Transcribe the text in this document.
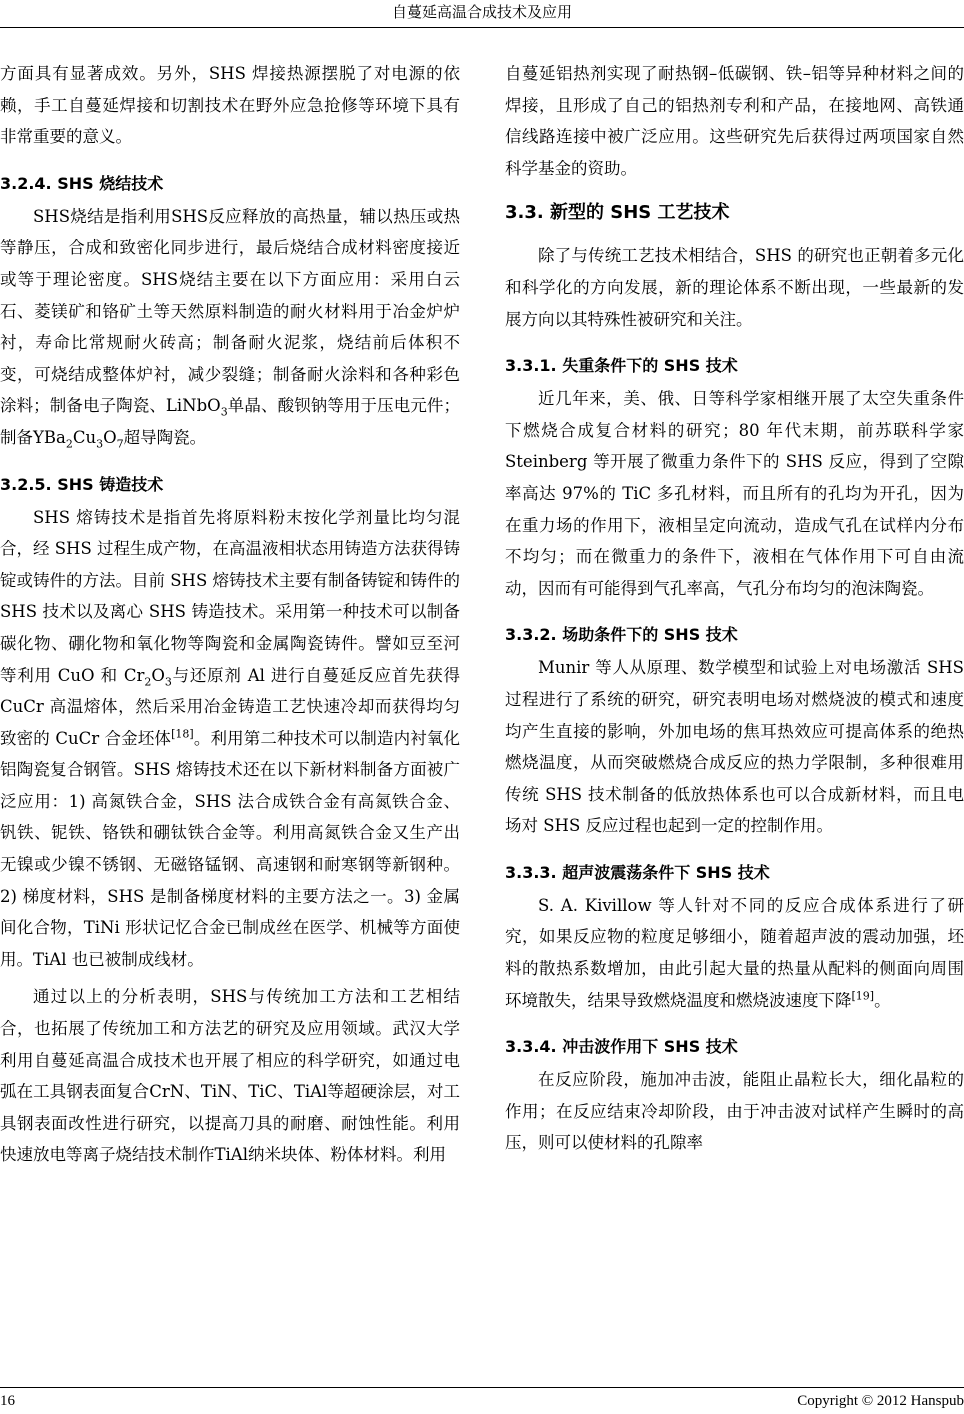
自蔓延高温合成技术及应用

方面具有显著成效。另外，SHS 焊接热源摆脱了对电源的依赖，手工自蔓延焊接和切割技术在野外应急抢修等环境下具有非常重要的意义。

3.2.4. SHS 烧结技术

SHS烧结是指利用SHS反应释放的高热量，辅以热压或热等静压，合成和致密化同步进行，最后烧结合成材料密度接近或等于理论密度。SHS烧结主要在以下方面应用：采用白云石、菱镁矿和铬矿土等天然原料制造的耐火材料用于冶金炉炉衬，寿命比常规耐火砖高；制备耐火泥浆，烧结前后体积不变，可烧结成整体炉衬，减少裂缝；制备耐火涂料和各种彩色涂料；制备电子陶瓷、LiNbO$_3$单晶、酸钡钠等用于压电元件；制备$YBa_2Cu_3O_7$超导陶瓷。

3.2.5. SHS 铸造技术

SHS 熔铸技术是指首先将原料粉末按化学剂量比均匀混合，经 SHS 过程生成产物，在高温液相状态用铸造方法获得铸锭或铸件的方法。目前 SHS 熔铸技术主要有制备铸锭和铸件的 SHS 技术以及离心 SHS 铸造技术。采用第一种技术可以制备碳化物、硼化物和氧化物等陶瓷和金属陶瓷铸件。譬如豆至河等利用 CuO 和 $Cr_2O_3$与还原剂 Al 进行自蔓延反应首先获得 CuCr 高温熔体，然后采用冶金铸造工艺快速冷却而获得均匀致密的 CuCr 合金坯体[18]。利用第二种技术可以制造内衬氧化铝陶瓷复合钢管。SHS 熔铸技术还在以下新材料制备方面被广泛应用：1) 高氮铁合金，SHS 法合成铁合金有高氮铁合金、钒铁、铌铁、铬铁和硼钛铁合金等。利用高氮铁合金又生产出无镍或少镍不锈钢、无磁铬锰钢、高速钢和耐寒钢等新钢种。2) 梯度材料，SHS 是制备梯度材料的主要方法之一。3) 金属间化合物，TiNi 形状记忆合金已制成丝在医学、机械等方面使用。TiAl 也已被制成线材。

通过以上的分析表明，SHS与传统加工方法和工艺相结合，也拓展了传统加工和方法艺的研究及应用领域。武汉大学利用自蔓延高温合成技术也开展了相应的科学研究，如通过电弧在工具钢表面复合CrN、TiN、TiC、TiAl等超硬涂层，对工具钢表面改性进行研究，以提高刀具的耐磨、耐蚀性能。利用快速放电等离子烧结技术制作TiAl纳米块体、粉体材料。利用

自蔓延铝热剂实现了耐热钢–低碳钢、铁–铝等异种材料之间的焊接，且形成了自己的铝热剂专利和产品，在接地网、高铁通信线路连接中被广泛应用。这些研究先后获得过两项国家自然科学基金的资助。

3.3. 新型的 SHS 工艺技术

除了与传统工艺技术相结合，SHS 的研究也正朝着多元化和科学化的方向发展，新的理论体系不断出现，一些最新的发展方向以其特殊性被研究和关注。

3.3.1. 失重条件下的 SHS 技术

近几年来，美、俄、日等科学家相继开展了太空失重条件下燃烧合成复合材料的研究；80 年代末期，前苏联科学家 Steinberg 等开展了微重力条件下的 SHS 反应，得到了空隙率高达 97%的 TiC 多孔材料，而且所有的孔均为开孔，因为在重力场的作用下，液相呈定向流动，造成气孔在试样内分布不均匀；而在微重力的条件下，液相在气体作用下可自由流动，因而有可能得到气孔率高，气孔分布均匀的泡沫陶瓷。

3.3.2. 场助条件下的 SHS 技术

Munir 等人从原理、数学模型和试验上对电场激活 SHS 过程进行了系统的研究，研究表明电场对燃烧波的模式和速度均产生直接的影响，外加电场的焦耳热效应可提高体系的绝热燃烧温度，从而突破燃烧合成反应的热力学限制，多种很难用传统 SHS 技术制备的低放热体系也可以合成新材料，而且电场对 SHS 反应过程也起到一定的控制作用。

3.3.3. 超声波震荡条件下 SHS 技术

S. A. Kivillow 等人针对不同的反应合成体系进行了研究，如果反应物的粒度足够细小，随着超声波的震动加强，坯料的散热系数增加，由此引起大量的热量从配料的侧面向周围环境散失，结果导致燃烧温度和燃烧波速度下降[19]。

3.3.4. 冲击波作用下 SHS 技术

在反应阶段，施加冲击波，能阻止晶粒长大，细化晶粒的作用；在反应结束冷却阶段，由于冲击波对试样产生瞬时的高压，则可以使材料的孔隙率

16	Copyright © 2012 Hanspub
